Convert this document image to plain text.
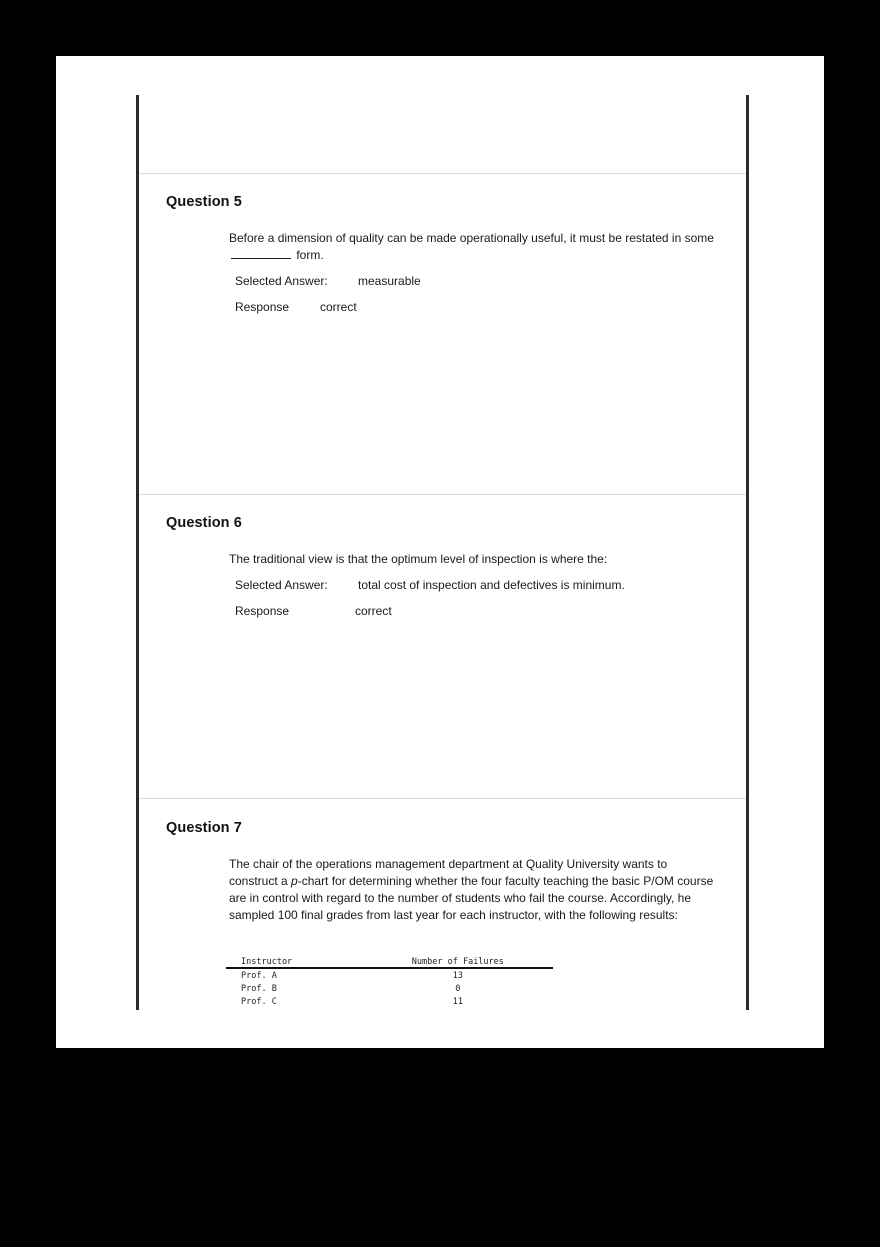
Question 5
Before a dimension of quality can be made operationally useful, it must be restated in some  form.
Selected Answer:	measurable
Response	correct
Question 6
The traditional view is that the optimum level of inspection is where the:
Selected Answer:	total cost of inspection and defectives is minimum.
Response	correct
Question 7
The chair of the operations management department at Quality University wants to construct a p-chart for determining whether the four faculty teaching the basic P/OM course are in control with regard to the number of students who fail the course. Accordingly, he sampled 100 final grades from last year for each instructor, with the following results:
Instructor	Number of Failures
Prof. A	13
Prof. B	0
Prof. C	11
